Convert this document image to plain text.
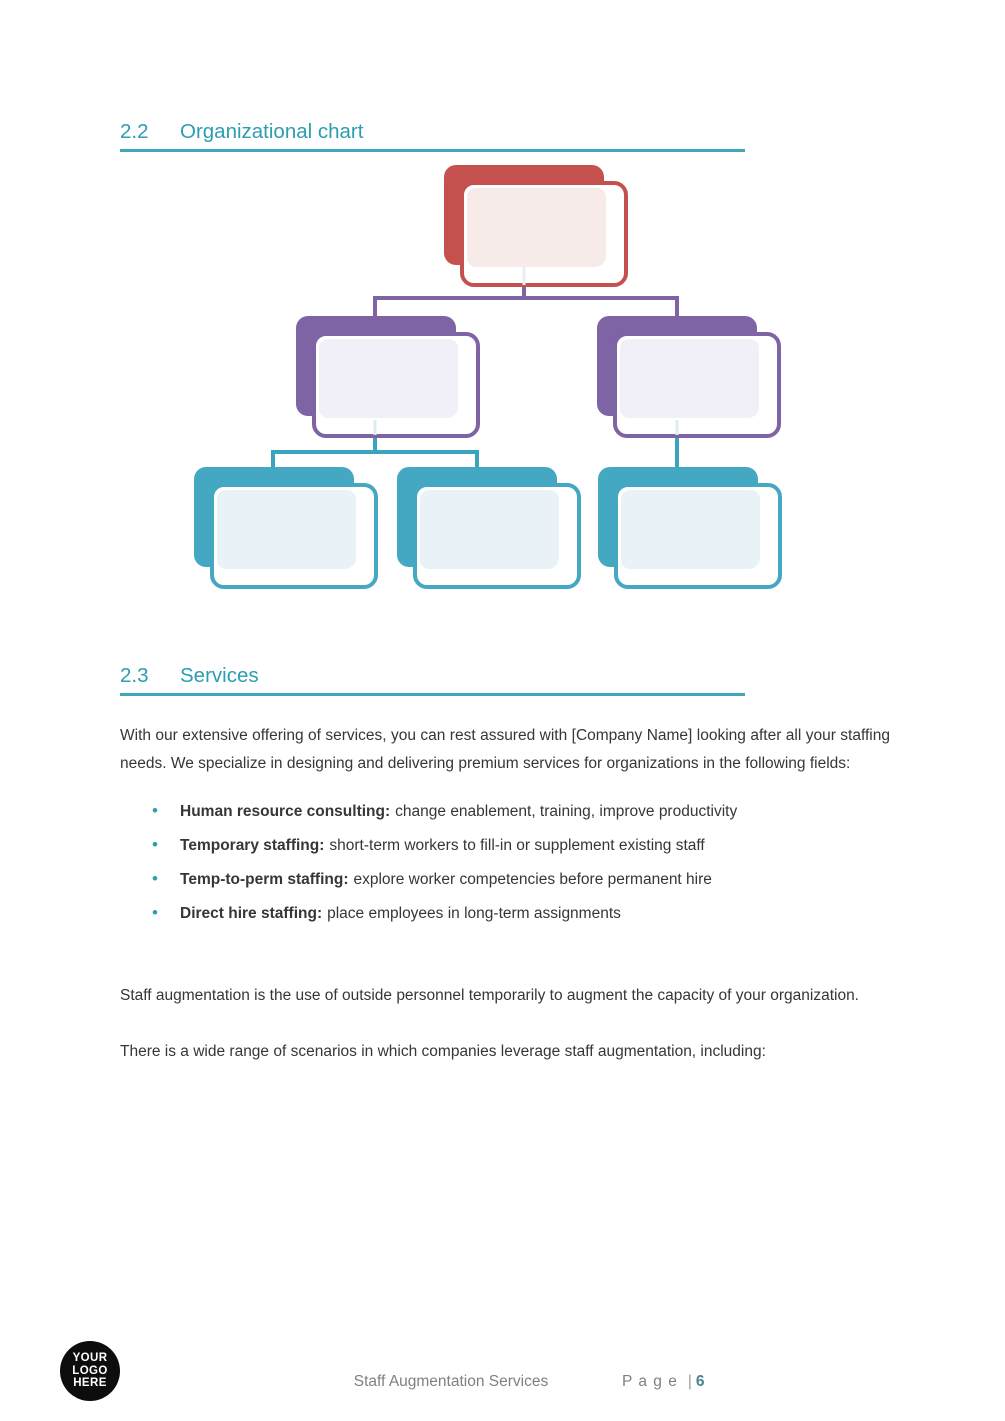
2.2 Organizational chart
2.3 Services

With our extensive offering of services, you can rest assured with [Company Name] looking after all your staffing needs. We specialize in designing and delivering premium services for organizations in the following fields:

•	Human resource consulting: change enablement, training, improve productivity
•	Temporary staffing: short-term workers to fill-in or supplement existing staff
•	Temp-to-perm staffing: explore worker competencies before permanent hire
•	Direct hire staffing: place employees in long-term assignments

Staff augmentation is the use of outside personnel temporarily to augment the capacity of your organization.

There is a wide range of scenarios in which companies leverage staff augmentation, including:

YOUR
LOGO
HERE	Staff Augmentation Services	P a g e | 6
